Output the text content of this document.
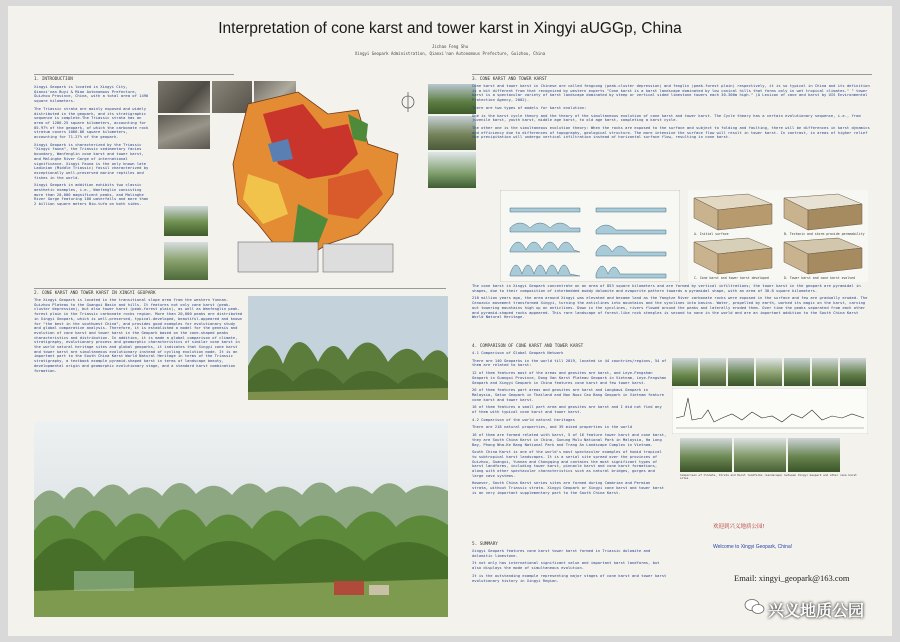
Interpretation of cone karst and tower karst in Xingyi aUGGp, China
Jichao Feng Shu
Xingyi Geopark Administration, Qianxi'nan Autonomous Prefecture, Guizhou, China
1. INTRODUCTION

Xingyi Geopark is located in Xingyi City, Qianxi'nan Buyi & Miao Autonomous Prefecture, Guizhou Province, China, with a total area of 1496 square kilometers.

The Triassic strata are mainly exposed and widely distributed in the geopark, and its stratigraphic sequence is complete.The Triassic strata has an area of 1286.25 square kilometers, accounting for 85.97% of the geopark, of which the carbonate rock stratum covers 1066.86 square kilometers, accounting for 71.27% of the geopark.

Xingyi Geopark is characterized by the Triassic "Xingyi fauna", the Triassic sedimentary facies boundary, Wanfenglin cone karst and tower karst, and Malinghe River Gorge of international significance. Xingyi Fauna is the only known late Ladinian (Middle Triassic) fossil characterized by exceptionally well-preserved marine reptiles and fishes in the world.

Xingyi Geopark in addition exhibits two classic aesthetic examples, i.e., Wanfenglin consisting more than 20,000 magnificent peaks, and Malinghe River Gorge featuring 100 waterfalls and more than 2 billion square meters Bio-tufa on both sides.

2. CONE KARST AND TOWER KARST IN XINGYI GEOPARK

The Xingyi Geopark is located in the transitional slope area from the western Yunnan-Guizhou Plateau to the Guangxi Basin and hills. It features not only cone karst (peak-cluster depression), but also tower karst (peak-forest plain), as well as Wanfenglin peak-forest plain in the Triassic carbonate rocks region. More than 20,000 peaks are distributed in Xingyi Geopark, which is well-preserved, typical-developed, beautiful-appeared and known for "the best in the southwest China", and provides good examples for evolutionary study and global comparative analysis. Therefore, it is established a model for the genesis and evolution of cone karst and tower karst in the Geopark based on the cone-shaped peaks characteristics and distribution. In addition, it is made a global comparison of climate, stratigraphy, evolutionary process and geomorphic characteristics of similar cone karst in the world natural heritage sites and global geoparks, it indicates that Xingyi cone karst and tower karst are simultaneous evolutionary instead of cycling evolution mode. It is an important part to the South China Karst World Natural Heritage in terms of the Triassic stratigraphy, a textbook example pyramid-shaped karst in terms of landscape beauty, developmental origin and geomorphic evolutionary stage, and a standard karst combination formation.

3. CONE KARST AND TOWER KARST

Cone karst and tower karst in Chinese are called fengcong (peak-cluster depression) and fenglin (peak-forest plain) respectively, it is so typical in China and its definition is a bit different from that recognized by western experts "Cone karst is a karst landscape dominated by low conical hills that forms only in wet tropical climates." " tower karst is a spectacular variety of karst landscape dominated by steep or vertical sided limestone towers each 30-300m high." (A Lexicon of cave and karst by UIS Environmental Protection Agency, 2002).

There are two types of models for karst evolution:

One is the karst cycle theory and the theory of the simultaneous evolution of cone karst and tower karst. The Cycle theory has a certain evolutionary sequence, i.e., from juvenile karst, youth karst, middle age karst, to old age karst, completing a karst cycle.

The other one is the simultaneous evolution theory: When the rocks are exposed to the surface and subject to folding and faulting, there will be differences in karst dynamics and efficiency due to differences of topography, geological structure. The more intensive the surface flow will result in tower karst. In contrast, in areas of higher relief the precipitation will undergo vertical infiltration instead of horizontal surface flow, resulting in cone karst.

A. Initial surface	B. Tectonic and storm provide permeability
C. Cone karst and tower karst developed	D. Tower karst and cone karst evolved

The cone karst in Xingyi Geopark concentrate on an area of 853 square kilometers and are formed by vertical infiltrations; the tower karst in the geopark are pyramidal in shapes, due to their composition of interbedded muddy dolomite and evaporite pattern towards a pyramidal shape, with an area of 30.8 square kilometers.

210 million years ago, the area around Xingyi was elevated and became land as the Yangtze River carbonate rocks were exposed in the surface and few are gradually eroded. The Cenozoic movement transformed Xingyi, turning the anticlines into mountains and the synclines into basins. Water, propelled by earth, worked its magic on the karst, carving out towering mountains high up on anticlines. Down in the synclines, rivers flowed around the peaks and laterally eroded them. Over time the peaks separated from each other and pyramid-shaped rocks appeared. This rare landscape of forest-like rock steeples is second to none in the world and are an important addition to the South China Karst World Natural Heritage.

4. COMPARISON OF CONE KARST AND TOWER KARST

4.1 Comparison of Global Geopark Network

There are 140 Geoparks in the world till 2019, located in 44 countries/regions, 54 of them are related to karst:

12 of them features most of the areas and geosites are karst, and Leye-Fengshan Geopark in Guangxi Province, Dong Van Karst Plateau Geopark in Vietnam, Leye-Fengshan Geopark and Xingyi Geopark in China features cone karst and few tower karst.

26 of them features part areas and geosites are karst and Langkawi Geopark in Malaysia, Satun Geopark in Thailand and Non Nuoc Cao Bang Geopark in Vietnam feature cone karst and tower karst.

16 of them features a small part area and geosites are karst and I did not find any of them with typical cone karst and tower karst.

4.2 Comparison of the world natural heritages

There are 218 natural properties, and 39 mixed properties in the world

16 of them are formed related with karst, 5 of 16 feature tower karst and cone karst, they are South China Karst in China, Gunung Mulu National Park in Malaysia, Ha Long Bay, Phong Nha-Ke Bang National Park and Trang An Landscape Complex in Vietnam.

South China Karst is one of the world's most spectacular examples of humid tropical to subtropical karst landscapes. It is a serial site spread over the provinces of Guizhou, Guangxi, Yunnan and Chongqing and contains the most significant types of karst landforms, including tower karst, pinnacle karst and cone karst formations, along with other spectacular characteristics such as natural bridges, gorges and large cave systems.

However, South China Karst series sites are formed during Cambrian and Permian strata, without Triassic strata. Xingyi Geopark or Xingyi cone karst and tower karst is an very important supplementary part to the South China Karst.

Comparison of Climate, Strata and Karst landforms (Landscape) between Xingyi Geopark and other cone karst sites
5. SUMMARY

Xingyi Geopark features cone karst tower karst formed in Triassic dolomite and dolomitic limestone.

It not only has international significant value and important karst landforms, but also displays the mode of simultaneous evolution.

It is the outstanding example representing major stages of cone karst and tower karst evolutionary history in Xingyi Region.

欢迎到兴义地质公园!
Welcome to Xingyi Geopark, China!
Email: xingyi_geopark@163.com
兴义地质公园
